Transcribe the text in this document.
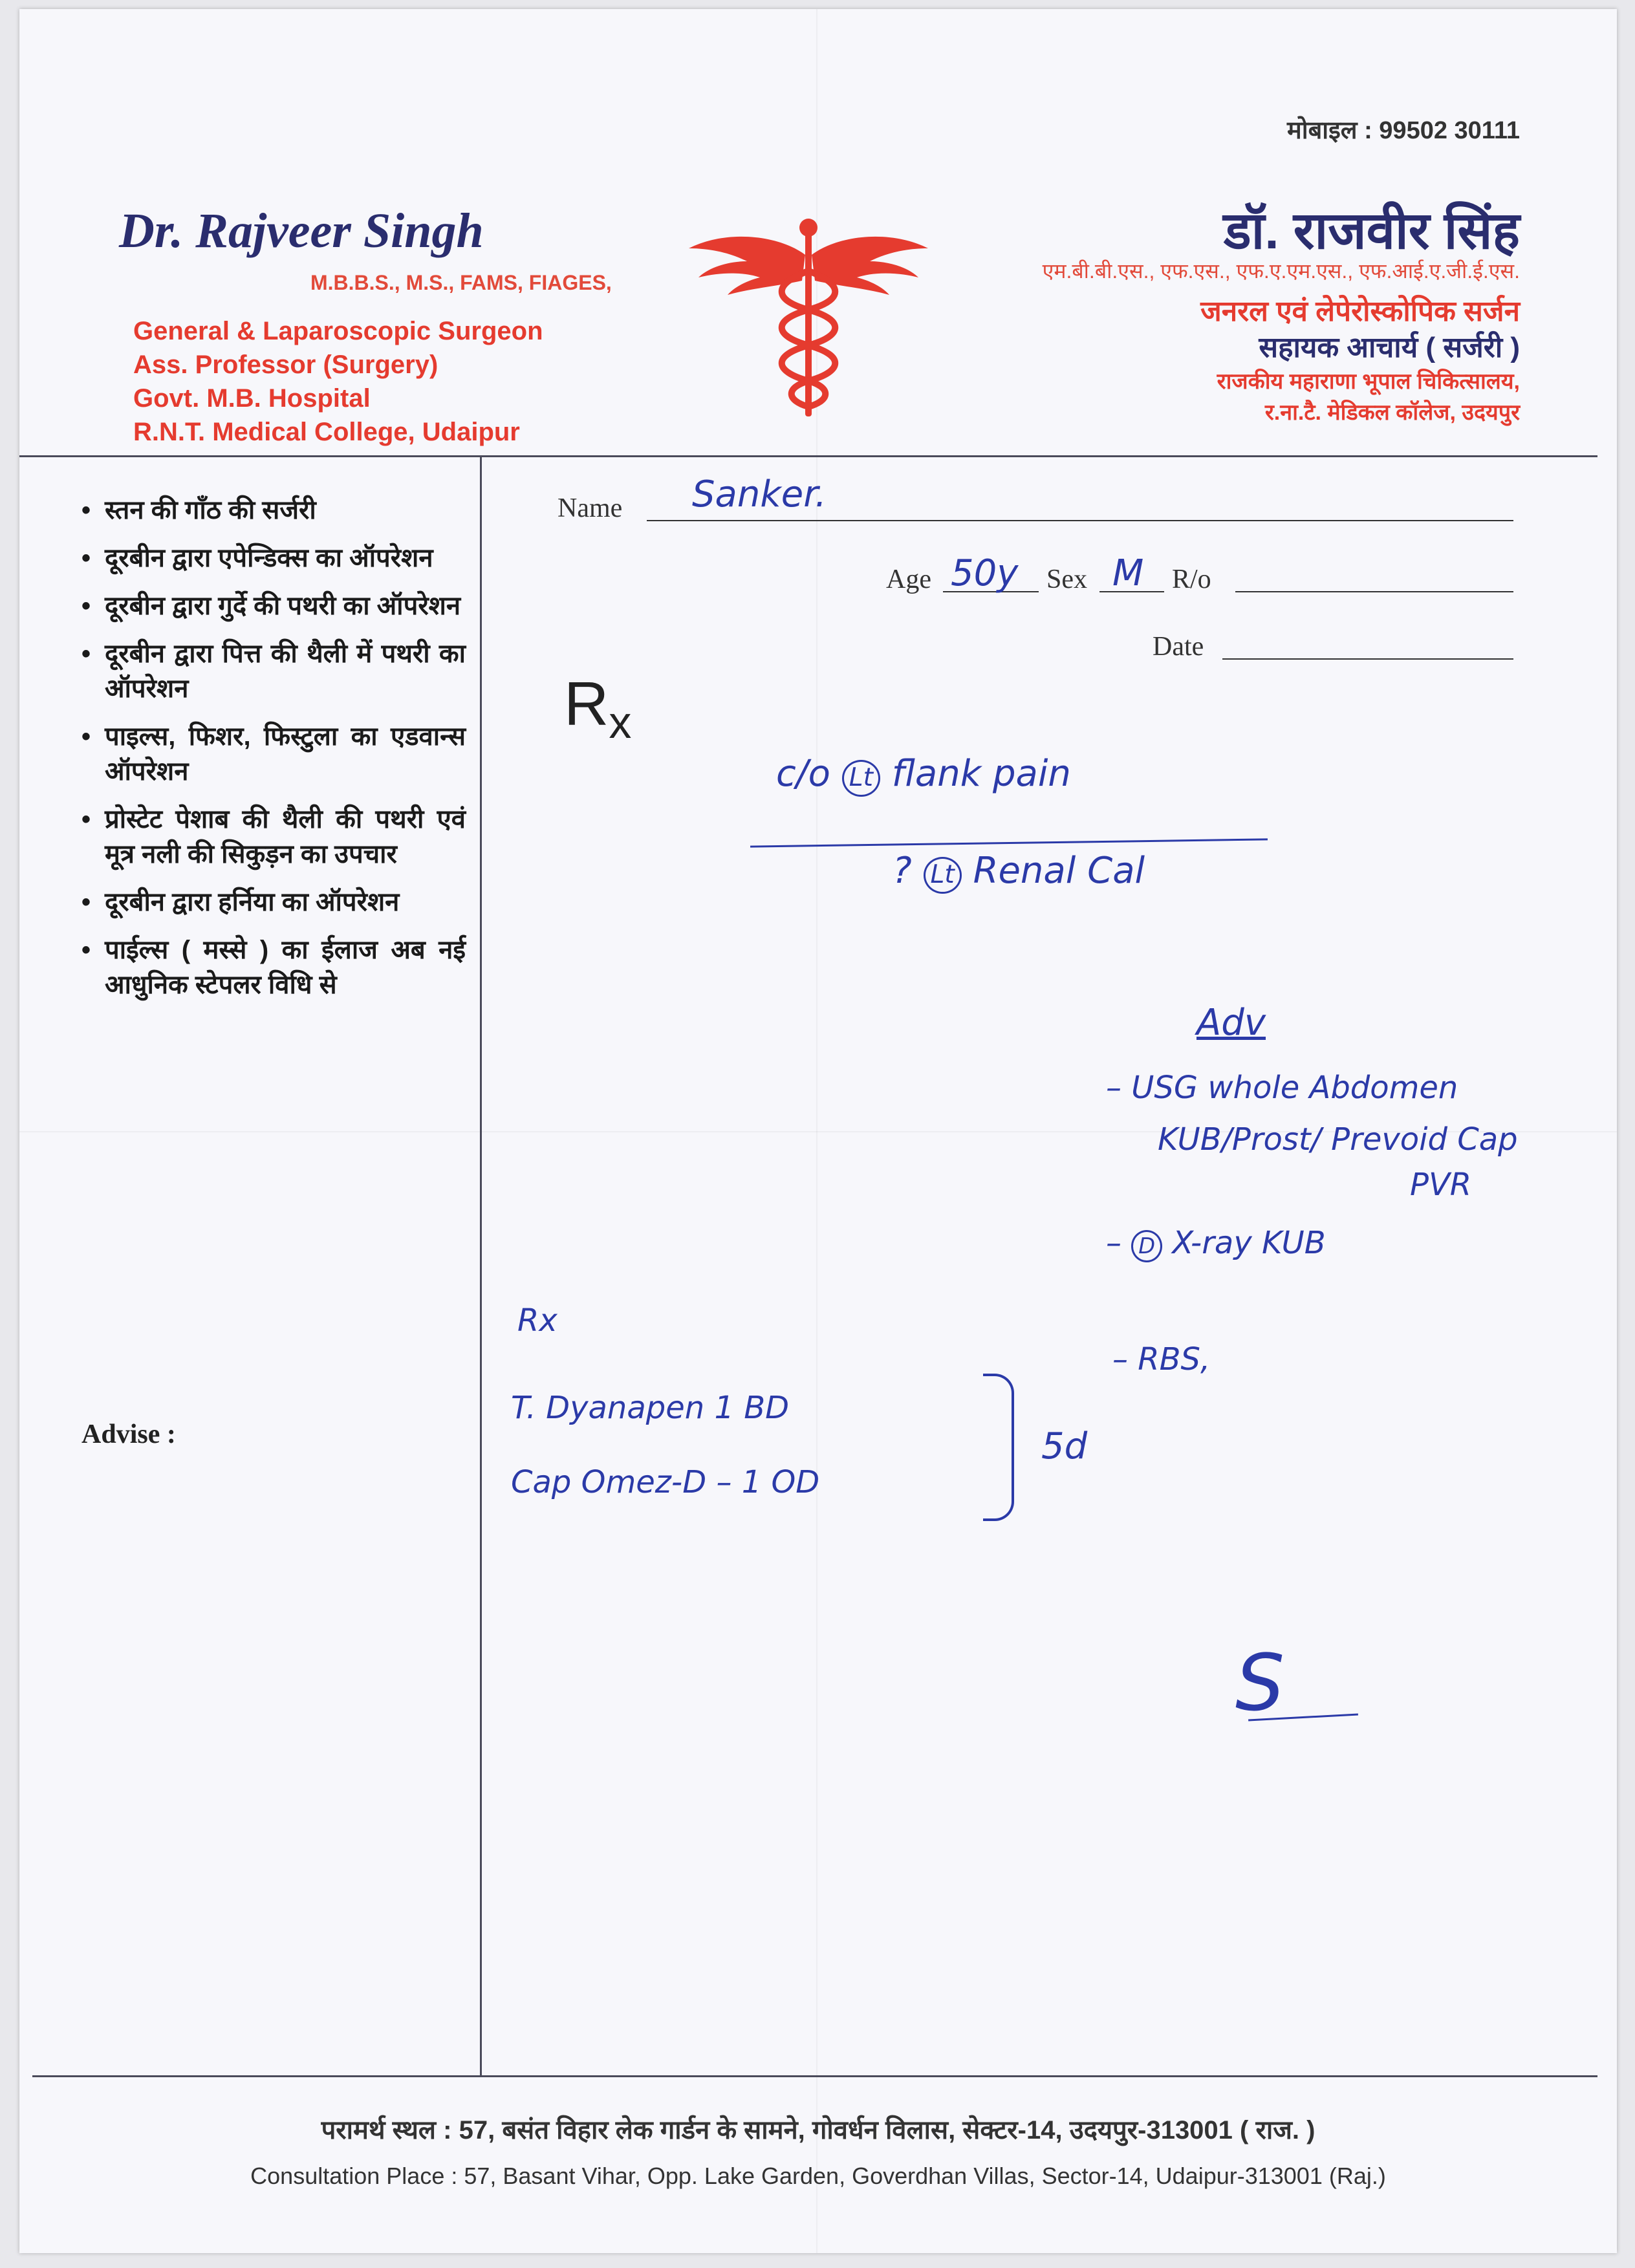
मोबाइल : 99502 30111
Dr. Rajveer Singh
M.B.B.S., M.S., FAMS, FIAGES,
General & Laparoscopic Surgeon
Ass. Professor (Surgery)
Govt. M.B. Hospital
R.N.T. Medical College, Udaipur
डॉ. राजवीर सिंह
एम.बी.बी.एस., एफ.एस., एफ.ए.एम.एस., एफ.आई.ए.जी.ई.एस.
जनरल एवं लेपेरोस्कोपिक सर्जन
सहायक आचार्य ( सर्जरी )
राजकीय महाराणा भूपाल चिकित्सालय,
र.ना.टै. मेडिकल कॉलेज, उदयपुर
• स्तन की गाँठ की सर्जरी
• दूरबीन द्वारा एपेन्डिक्स का ऑपरेशन
• दूरबीन द्वारा गुर्दे की पथरी का ऑपरेशन
• दूरबीन द्वारा पित्त की थैली में पथरी का ऑपरेशन
• पाइल्स, फिशर, फिस्टुला का एडवान्स ऑपरेशन
• प्रोस्टेट पेशाब की थैली की पथरी एवं मूत्र नली की सिकुड़न का उपचार
• दूरबीन द्वारा हर्निया का ऑपरेशन
• पाईल्स ( मस्से ) का ईलाज अब नई आधुनिक स्टेपलर विधि से
Advise :
Name Sanker.
Age 50y Sex M R/o
Date
$R_x$
c/o Lt flank pain
? Lt Renal Cal
Adv
– USG whole Abdomen
KUB/Prost/ Prevoid Cap
PVR
– D X-ray KUB
– RBS,
Rx
T. Dyanapen 1 BD
Cap Omez-D – 1 OD
5d
S
परामर्थ स्थल : 57, बसंत विहार लेक गार्डन के सामने, गोवर्धन विलास, सेक्टर-14, उदयपुर-313001 ( राज. )
Consultation Place : 57, Basant Vihar, Opp. Lake Garden, Goverdhan Villas, Sector-14, Udaipur-313001 (Raj.)
